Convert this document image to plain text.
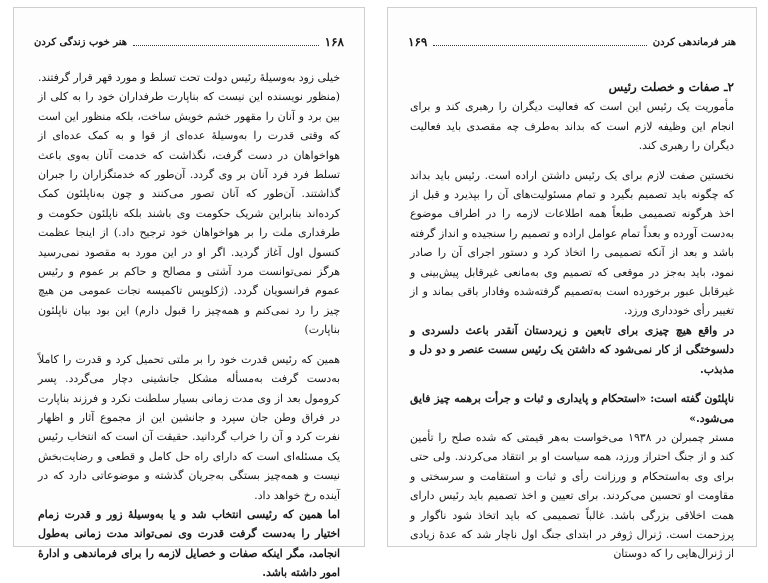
۱۶۸
هنر خوب زندگی کردن

خیلی زود به‌وسیلهٔ رئیس دولت تحت تسلط و مورد قهر قرار گرفتند. (منظور نویسنده این نیست که بناپارت طرفداران خود را به کلی از بین برد و آنان را مقهور خشم خویش ساخت، بلکه منظور این است که وقتی قدرت را به‌وسیلهٔ عده‌ای از قوا و به کمک عده‌ای از هواخواهان در دست گرفت، نگذاشت که خدمت آنان به‌وی باعث تسلط فرد فرد آنان بر وی گردد. آن‌طور که خدمتگزاران را جبران گذاشتند. آن‌طور که آنان تصور می‌کنند و چون به‌ناپلئون کمک کرده‌اند بنابراین شریک حکومت وی باشند بلکه ناپلئون حکومت و طرفداری ملت را بر هواخواهان خود ترجیح داد.) از اینجا عظمت کنسول اول آغاز گردید. اگر او در این مورد به مقصود نمی‌رسید هرگز نمی‌توانست مرد آشتی و مصالح و حاکم بر عموم و رئیس عموم فرانسویان گردد. (ژکلوپس تاکمیسه نجات عمومی من هیچ چیز را رد نمی‌کنم و همه‌چیز را قبول دارم) این بود بیان ناپلئون بناپارت)

همین که رئیس قدرت خود را بر ملتی تحمیل کرد و قدرت را کاملاً به‌دست گرفت به‌مسأله مشکل جانشینی دچار می‌گردد. پسر کرومول بعد از وی مدت زمانی بسیار سلطنت نکرد و فرزند بناپارت در فراق وطن جان سپرد و جانشین این از مجموع آثار و اظهار نفرت کرد و آن را خراب گردانید. حقیقت آن است که انتخاب رئیس یک مسئله‌ای است که دارای راه حل کامل و قطعی و رضایت‌بخش نیست و همه‌چیز بستگی به‌جریان گذشته و موضوعاتی دارد که در آینده رخ خواهد داد.

اما همین که رئیسی انتخاب شد و یا به‌وسیلهٔ زور و قدرت زمام اختیار را به‌دست گرفت قدرت وی نمی‌تواند مدت زمانی به‌طول انجامد، مگر اینکه صفات و خصایل لازمه را برای فرماندهی و ادارهٔ امور داشته باشد.

هنر فرماندهی کردن
۱۶۹

۲ـ صفات و خصلت رئیس

مأموریت یک رئیس این است که فعالیت دیگران را رهبری کند و برای انجام این وظیفه لازم است که بداند به‌طرف چه مقصدی باید فعالیت دیگران را رهبری کند.

نخستین صفت لازم برای یک رئیس داشتن اراده است. رئیس باید بداند که چگونه باید تصمیم بگیرد و تمام مسئولیت‌های آن را بپذیرد و قبل از اخذ هرگونه تصمیمی طبعاً همه اطلاعات لازمه را در اطراف موضوع به‌دست آورده و بعداً تمام عوامل اراده و تصمیم را سنجیده و انداز گرفته باشد و بعد از آنکه تصمیمی را اتخاذ کرد و دستور اجرای آن را صادر نمود، باید به‌جز در موقعی که تصمیم وی به‌مانعی غیرقابل پیش‌بینی و غیرقابل عبور برخورده است به‌تصمیم گرفته‌شده وفادار باقی بماند و از تغییر رأی خودداری ورزد.

در واقع هیچ چیزی برای تابعین و زیردستان آنقدر باعث دلسردی و دلسوختگی از کار نمی‌شود که داشتن یک رئیس سست عنصر و دو دل و مذبذب.

ناپلئون گفته است: «استحکام و پایداری و ثبات و جرأت برهمه چیز فایق می‌شود.»

مستر چمبرلن در ۱۹۳۸ می‌خواست به‌هر قیمتی که شده صلح را تأمین کند و از جنگ احتراز ورزد، همه سیاست او بر انتقاد می‌کردند. ولی حتی برای وی به‌استحکام و ورزانت رأی و ثبات و استقامت و سرسختی و مقاومت او تحسین می‌کردند. برای تعیین و اخذ تصمیم باید رئیس دارای همت اخلاقی بزرگی باشد. غالباً تصمیمی که باید اتخاذ شود ناگوار و پرزحمت است. ژنرال ژوفر در ابتدای جنگ اول ناچار شد که عدهٔ زیادی از ژنرال‌هایی را که دوستان
